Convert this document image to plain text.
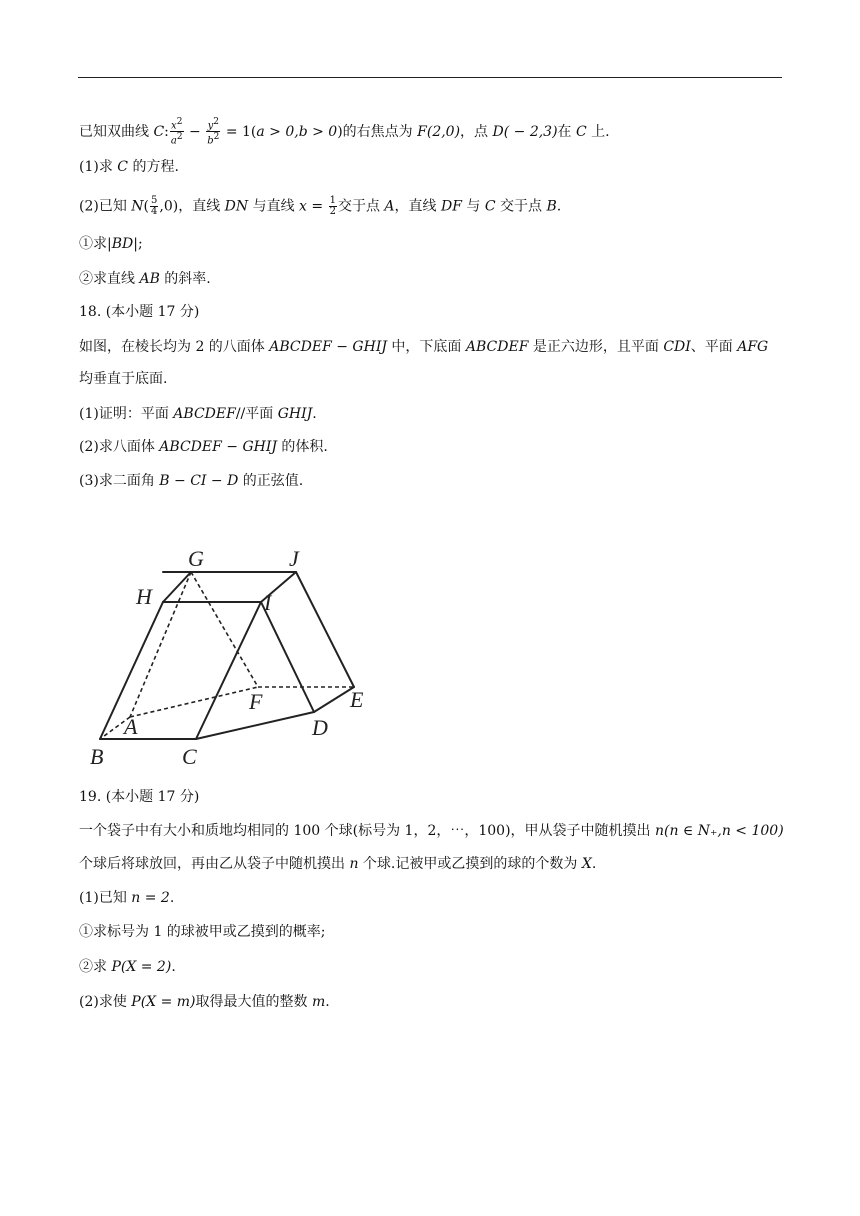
已知双曲线 C: $\frac{x^2}{a^2} - \frac{y^2}{b^2} = 1(a > 0,b > 0)$的右焦点为 F(2,0)，点 D( − 2,3)在 C 上.
(1)求 C 的方程.
(2)已知 $N( \frac{5}{4} ,0)$，直线 DN 与直线 $x = \frac{1}{2}$ 交于点 A，直线 DF 与 C 交于点 B.
①求|BD|;
②求直线 AB 的斜率.
18. (本小题 17 分)
如图，在棱长均为 2 的八面体 ABCDEF − GHIJ 中，下底面 ABCDEF 是正六边形，且平面 CDI、平面 AFG
均垂直于底面.
(1)证明：平面 ABCDEF//平面 GHIJ.
(2)求八面体 ABCDEF − GHIJ 的体积.
(3)求二面角 B − CI − D 的正弦值.
G	J
H	I
F	E
A	D
B	C
19. (本小题 17 分)
一个袋子中有大小和质地均相同的 100 个球(标号为 1，2，⋯，100)，甲从袋子中随机摸出 n(n ∈ N₊,n < 100)
个球后将球放回，再由乙从袋子中随机摸出 n 个球.记被甲或乙摸到的球的个数为 X.
(1)已知 n = 2.
①求标号为 1 的球被甲或乙摸到的概率;
②求 P(X = 2).
(2)求使 P(X = m)取得最大值的整数 m.
